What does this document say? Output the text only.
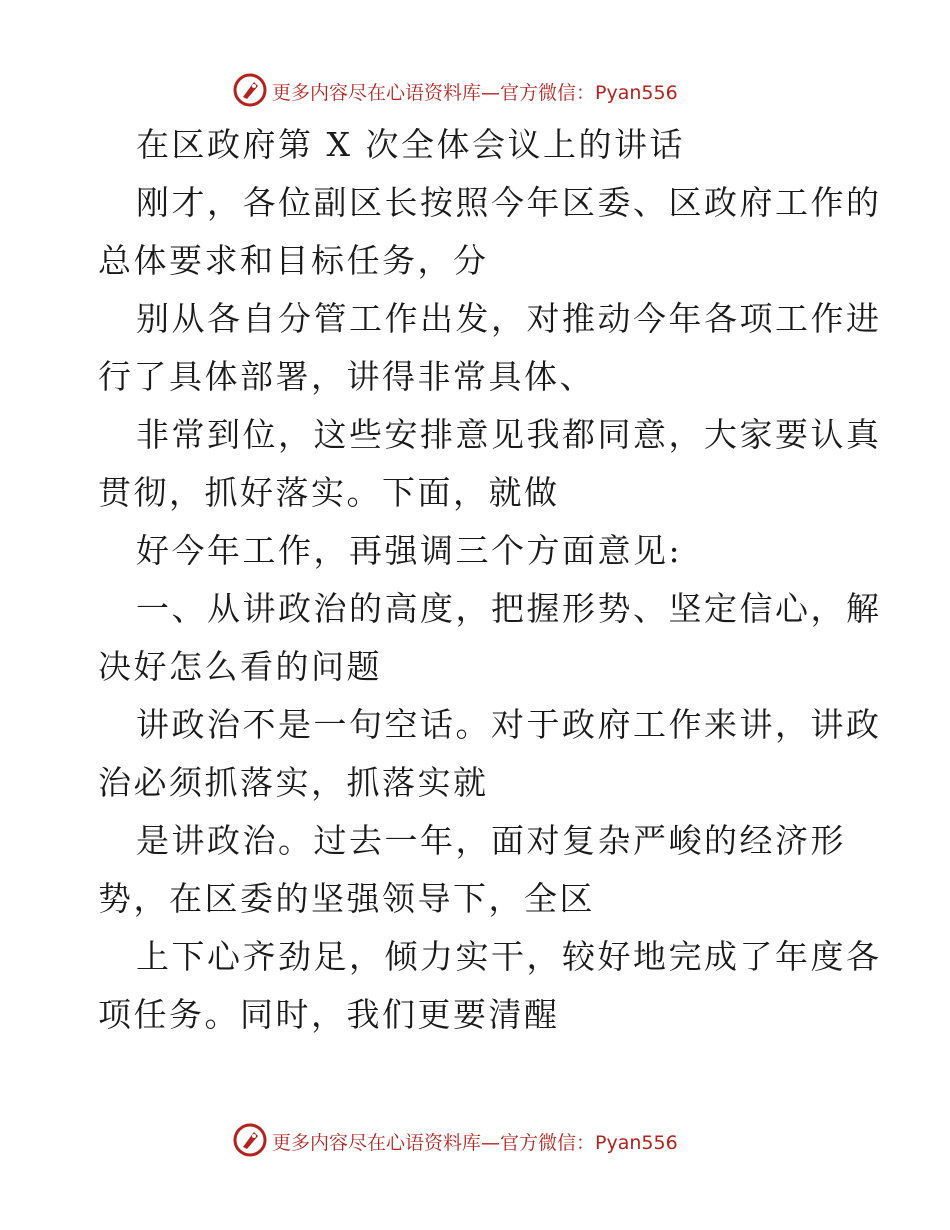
更多内容尽在心语资料库—官方微信：Pyan556

在区政府第 X 次全体会议上的讲话

刚才，各位副区长按照今年区委、区政府工作的

总体要求和目标任务，分

别从各自分管工作出发，对推动今年各项工作进

行了具体部署，讲得非常具体、

非常到位，这些安排意见我都同意，大家要认真

贯彻，抓好落实。下面，就做

好今年工作，再强调三个方面意见:

一、从讲政治的高度，把握形势、坚定信心，解

决好怎么看的问题

讲政治不是一句空话。对于政府工作来讲，讲政

治必须抓落实，抓落实就

是讲政治。过去一年，面对复杂严峻的经济形

势，在区委的坚强领导下，全区

上下心齐劲足，倾力实干，较好地完成了年度各

项任务。同时，我们更要清醒

更多内容尽在心语资料库—官方微信：Pyan556
